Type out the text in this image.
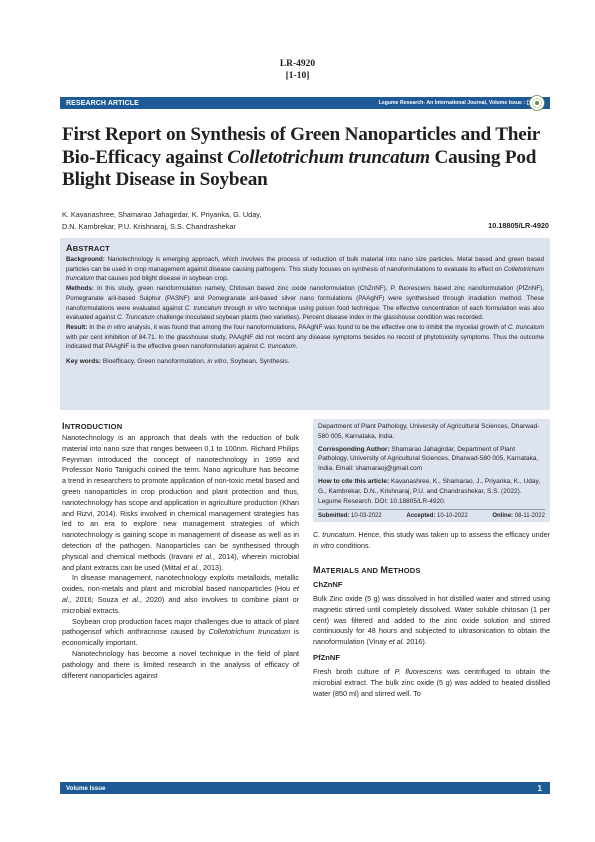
LR-4920
[1-10]
RESEARCH ARTICLE	Legume Research- An International Journal, Volume Issue : ()
First Report on Synthesis of Green Nanoparticles and Their Bio-Efficacy against Colletotrichum truncatum Causing Pod Blight Disease in Soybean
K. Kavanashree, Shamarao Jahagirdar, K. Priyanka, G. Uday,
D.N. Kambrekar, P.U. Krishnaraj, S.S. Chandrashekar	10.18805/LR-4920
ABSTRACT

Background: Nanotechnology is emerging approach, which involves the process of reduction of bulk material into nano size particles. Metal based and green based particles can be used in crop management against disease causing pathogens. This study focuses on synthesis of nanoformulations to evaluate its effect on Colletotrichum truncatum that causes pod blight disease in soybean crop.

Methods: In this study, green nanoformulation namely, Chitosan based zinc oxide nanoformulation (ChZnNF), P. fluorescens based zinc nanoformulation (PfZnNF), Pomegranate aril-based Sulphur (PASNF) and Pomegranate aril-based silver nano formulations (PAAgNF) were synthesised through irradiation method. These nanoformulations were evaluated against C. truncatum through in vitro technique using poison food technique. The effective concentration of each formulation was also evaluated against C. Truncatum challenge inoculated soybean plants (two varieties). Percent disease index in the glasshouse condition was recorded.

Result: In the in vitro analysis, it was found that among the four nanoformulations, PAAgNF was found to be the effective one to inhibit the mycelial growth of C. truncatum with per cent inhibition of 84.71. In the glasshouse study, PAAgNF did not record any disease symptoms besides no record of phytotoxicity symptoms. Thus the outcome indicated that PAAgNF is the effective green nanoformulation against C. truncatum.

Key words: Bioefficacy, Green nanoformulation, in vitro, Soybean, Synthesis.

INTRODUCTION

Nanotechnology is an approach that deals with the reduction of bulk material into nano size that ranges between 0.1 to 100nm. Richard Philips Feynman introduced the concept of nanotechnology in 1959 and Professor Norio Taniguchi coined the term. Nano agriculture has become a trend in researchers to promote application of non-toxic metal based and green nanoparticles in crop production and plant protection and thus, nanotechnology has scope and application in agriculture production (Khan and Rizvi, 2014). Risks involved in chemical management strategies has led to an era to explore new management strategies of which nanotechnology is gaining scope in management of disease as well as in detection of the pathogen. Nanoparticles can be synthesised through physical and chemical methods (Iravani et al., 2014), wherein microbial and plant extracts can be used (Mittal et al., 2013).

In disease management, nanotechnology exploits metalloids, metallic oxides, non-metals and plant and microbial based nanoparticles (Hou et al., 2016; Souza et al., 2020) and also involves to combine plant or microbial extracts.

Soybean crop production faces major challenges due to attack of plant pathogensof which anthracnose caused by Colletotrichum truncatum is economically important.

Nanotechnology has become a novel technique in the field of plant pathology and there is limited research in the analysis of efficacy of different nanoparticles against

Department of Plant Pathology, University of Agricultural Sciences, Dharwad-580 005, Karnataka, India.

Corresponding Author: Shamarao Jahagirdar, Department of Plant Pathology, University of Agricultural Sciences, Dharwad-580 005, Karnataka, India. Email: shamaraoj@gmail.com

How to cite this article: Kavanashree, K., Shamarao, J., Priyanka, K., Uday, G., Kambrekar, D.N., Krishnaraj, P.U. and Chandrashekar, S.S. (2022). Legume Research. DOI: 10.18805/LR-4920.

Submitted: 10-03-2022	Accepted: 10-10-2022	Online: 08-11-2022

C. truncatum. Hence, this study was taken up to assess the efficacy under in vitro conditions.

MATERIALS AND METHODS
ChZnNF

Bulk Zinc oxide (5 g) was dissolved in hot distilled water and stirred using magnetic stirred until completely dissolved. Water soluble chitosan (1 per cent) was filtered and added to the zinc oxide solution and stirred continuously for 48 hours and subjected to ultrasonication to obtain the nanoformulation (Vinay et al. 2016).

PfZnNF

Fresh broth culture of P. fluorescens was centrifuged to obtain the microbial extract. The bulk zinc oxide (5 g) was added to heated distilled water (850 ml) and stirred well. To

Volume Issue	1
